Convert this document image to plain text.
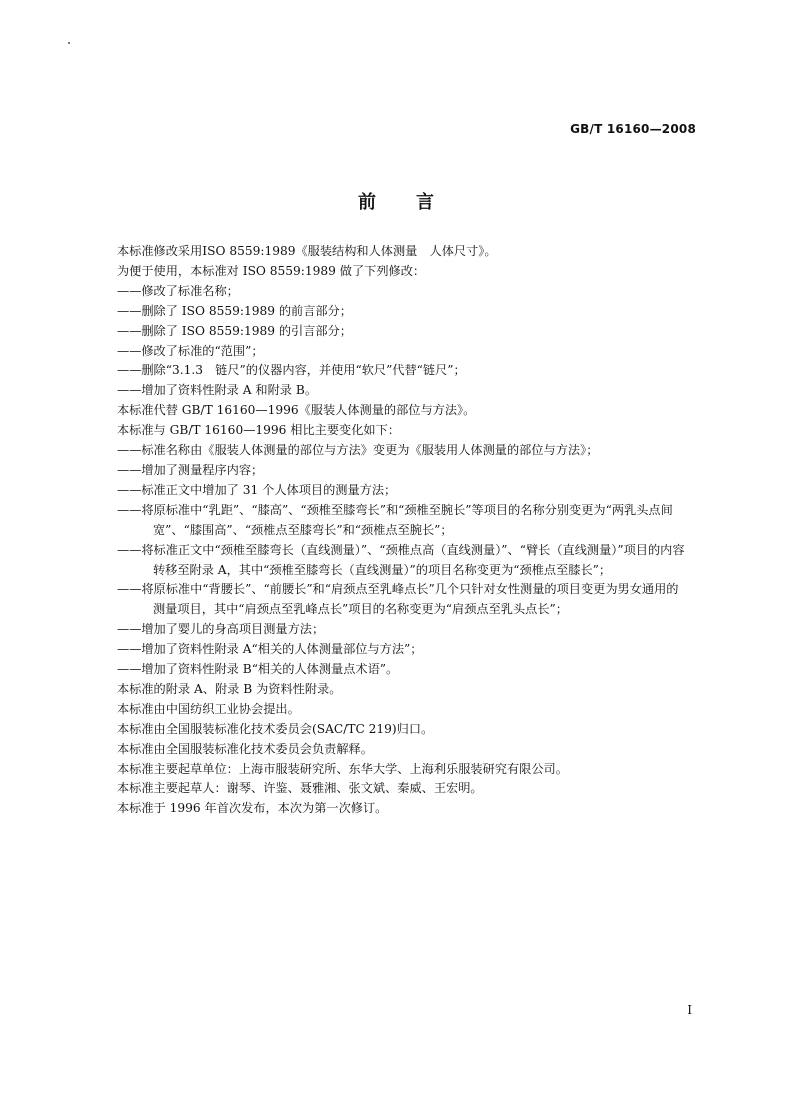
GB/T 16160—2008
前言
本标准修改采用ISO 8559:1989《服装结构和人体测量　人体尺寸》。
为便于使用，本标准对 ISO 8559:1989 做了下列修改：
——修改了标准名称；
——删除了 ISO 8559:1989 的前言部分；
——删除了 ISO 8559:1989 的引言部分；
——修改了标准的“范围”；
——删除“3.1.3　链尺”的仪器内容，并使用“软尺”代替“链尺”；
——增加了资料性附录 A 和附录 B。
本标准代替 GB/T 16160—1996《服装人体测量的部位与方法》。
本标准与 GB/T 16160—1996 相比主要变化如下：
——标准名称由《服装人体测量的部位与方法》变更为《服装用人体测量的部位与方法》；
——增加了测量程序内容；
——标准正文中增加了 31 个人体项目的测量方法；
——将原标准中“乳距”、“膝高”、“颈椎至膝弯长”和“颈椎至腕长”等项目的名称分别变更为“两乳头点间宽”、“膝围高”、“颈椎点至膝弯长”和“颈椎点至腕长”；
——将标准正文中“颈椎至膝弯长（直线测量）”、“颈椎点高（直线测量）”、“臂长（直线测量）”项目的内容转移至附录 A，其中“颈椎至膝弯长（直线测量）”的项目名称变更为“颈椎点至膝长”；
——将原标准中“背腰长”、“前腰长”和“肩颈点至乳峰点长”几个只针对女性测量的项目变更为男女通用的测量项目，其中“肩颈点至乳峰点长”项目的名称变更为“肩颈点至乳头点长”；
——增加了婴儿的身高项目测量方法；
——增加了资料性附录 A“相关的人体测量部位与方法”；
——增加了资料性附录 B“相关的人体测量点术语”。
本标准的附录 A、附录 B 为资料性附录。
本标准由中国纺织工业协会提出。
本标准由全国服装标准化技术委员会(SAC/TC 219)归口。
本标准由全国服装标准化技术委员会负责解释。
本标准主要起草单位：上海市服装研究所、东华大学、上海利乐服装研究有限公司。
本标准主要起草人：谢琴、许鉴、聂雅湘、张文斌、秦威、王宏明。
本标准于 1996 年首次发布，本次为第一次修订。
I
